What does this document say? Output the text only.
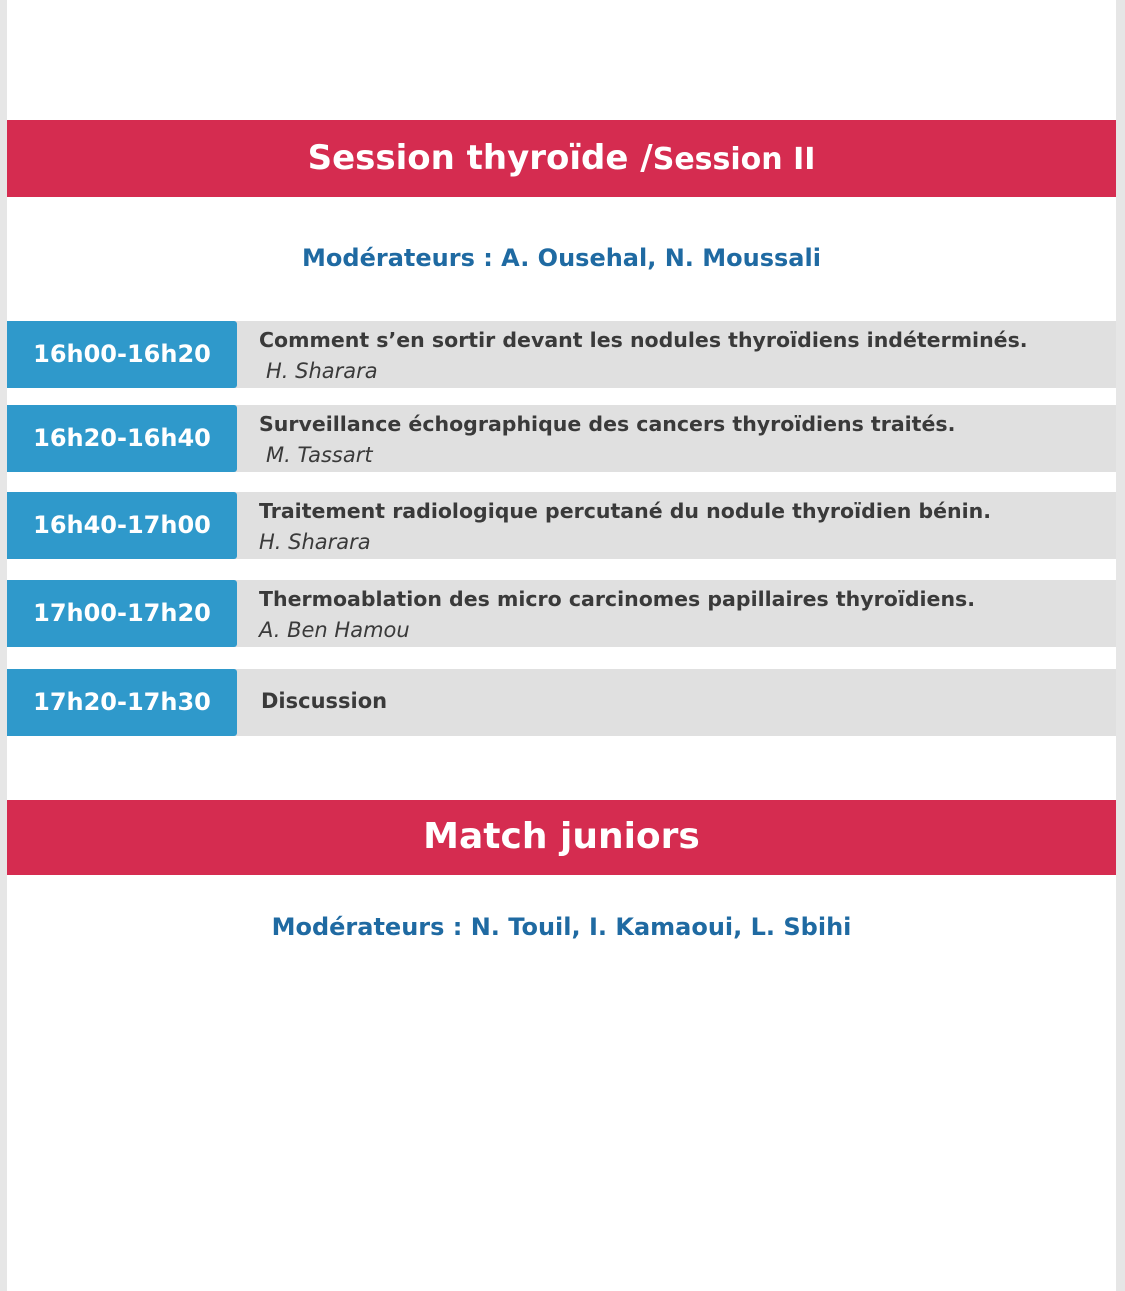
Session thyroïde /Session II
Modérateurs : A. Ousehal, N. Moussali
16h00-16h20	Comment s’en sortir devant les nodules thyroïdiens indéterminés.
H. Sharara
16h20-16h40	Surveillance échographique des cancers thyroïdiens traités.
M. Tassart
16h40-17h00	Traitement radiologique percutané du nodule thyroïdien bénin.
H. Sharara
17h00-17h20	Thermoablation des micro carcinomes papillaires thyroïdiens.
A. Ben Hamou
17h20-17h30	Discussion
Match juniors
Modérateurs : N. Touil, I. Kamaoui, L. Sbihi
